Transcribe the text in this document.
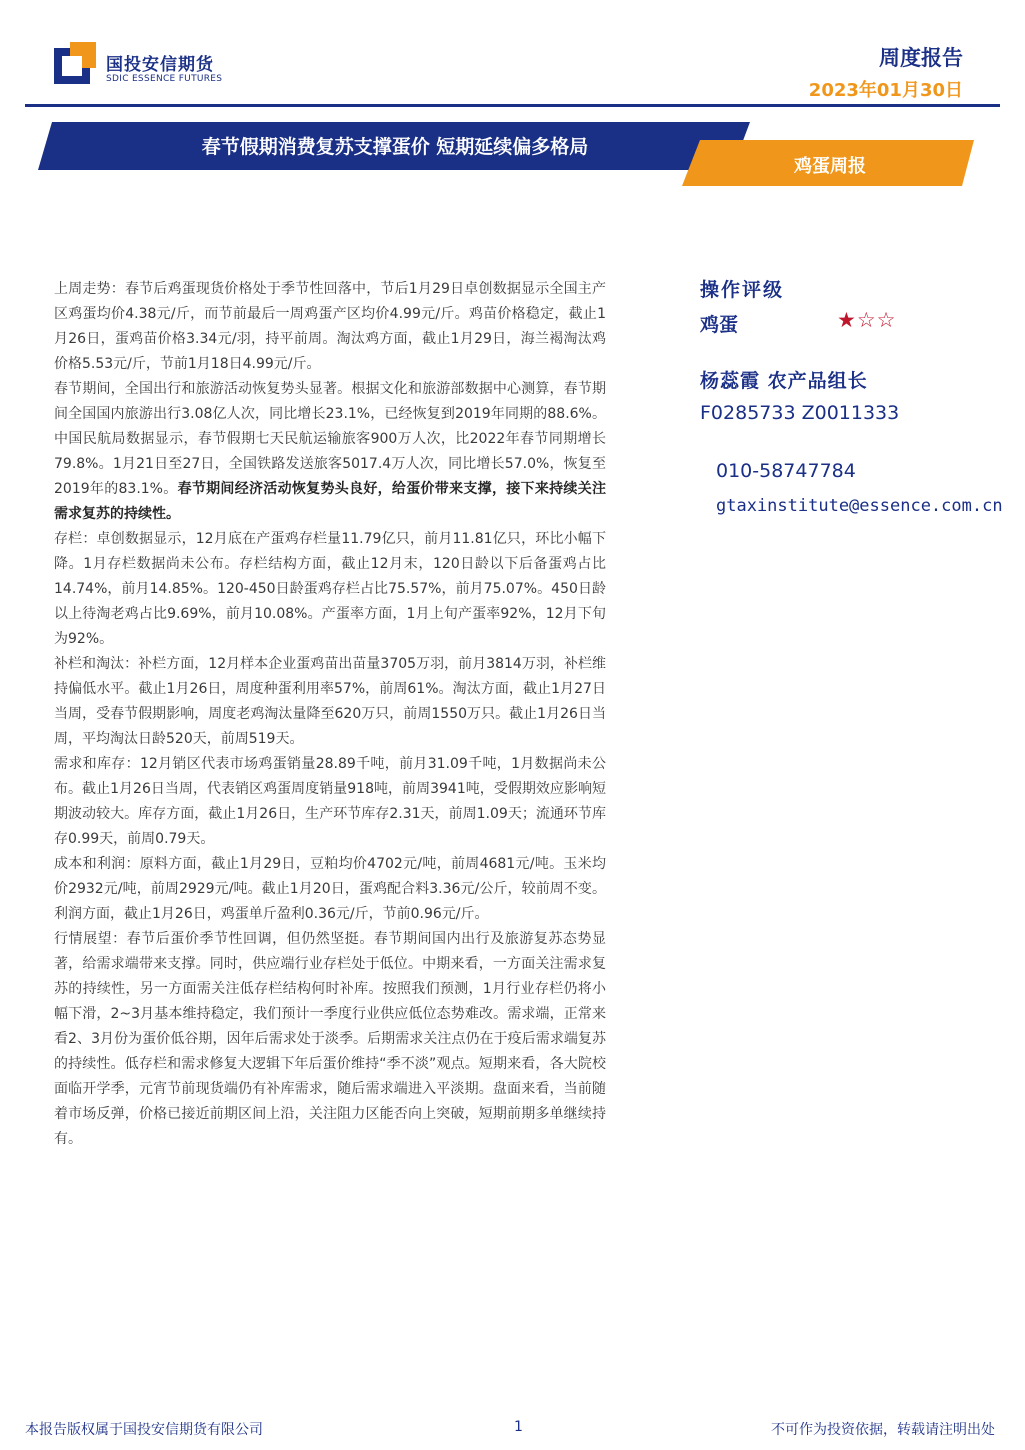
国投安信期货
SDIC ESSENCE FUTURES
周度报告
2023年01月30日
春节假期消费复苏支撑蛋价 短期延续偏多格局
鸡蛋周报

上周走势：春节后鸡蛋现货价格处于季节性回落中，节后1月29日卓创数据显示全国主产区鸡蛋均价4.38元/斤，而节前最后一周鸡蛋产区均价4.99元/斤。鸡苗价格稳定，截止1月26日，蛋鸡苗价格3.34元/羽，持平前周。淘汰鸡方面，截止1月29日，海兰褐淘汰鸡价格5.53元/斤，节前1月18日4.99元/斤。

春节期间，全国出行和旅游活动恢复势头显著。根据文化和旅游部数据中心测算，春节期间全国国内旅游出行3.08亿人次，同比增长23.1%，已经恢复到2019年同期的88.6%。中国民航局数据显示，春节假期七天民航运输旅客900万人次，比2022年春节同期增长79.8%。1月21日至27日，全国铁路发送旅客5017.4万人次，同比增长57.0%，恢复至2019年的83.1%。春节期间经济活动恢复势头良好，给蛋价带来支撑，接下来持续关注需求复苏的持续性。

存栏：卓创数据显示，12月底在产蛋鸡存栏量11.79亿只，前月11.81亿只，环比小幅下降。1月存栏数据尚未公布。存栏结构方面，截止12月末，120日龄以下后备蛋鸡占比14.74%，前月14.85%。120-450日龄蛋鸡存栏占比75.57%，前月75.07%。450日龄以上待淘老鸡占比9.69%，前月10.08%。产蛋率方面，1月上旬产蛋率92%，12月下旬为92%。

补栏和淘汰：补栏方面，12月样本企业蛋鸡苗出苗量3705万羽，前月3814万羽，补栏维持偏低水平。截止1月26日，周度种蛋利用率57%，前周61%。淘汰方面，截止1月27日当周，受春节假期影响，周度老鸡淘汰量降至620万只，前周1550万只。截止1月26日当周，平均淘汰日龄520天，前周519天。

需求和库存：12月销区代表市场鸡蛋销量28.89千吨，前月31.09千吨，1月数据尚未公布。截止1月26日当周，代表销区鸡蛋周度销量918吨，前周3941吨，受假期效应影响短期波动较大。库存方面，截止1月26日，生产环节库存2.31天，前周1.09天；流通环节库存0.99天，前周0.79天。

成本和利润：原料方面，截止1月29日，豆粕均价4702元/吨，前周4681元/吨。玉米均价2932元/吨，前周2929元/吨。截止1月20日，蛋鸡配合料3.36元/公斤，较前周不变。利润方面，截止1月26日，鸡蛋单斤盈利0.36元/斤，节前0.96元/斤。

行情展望：春节后蛋价季节性回调，但仍然坚挺。春节期间国内出行及旅游复苏态势显著，给需求端带来支撑。同时，供应端行业存栏处于低位。中期来看，一方面关注需求复苏的持续性，另一方面需关注低存栏结构何时补库。按照我们预测，1月行业存栏仍将小幅下滑，2~3月基本维持稳定，我们预计一季度行业供应低位态势难改。需求端，正常来看2、3月份为蛋价低谷期，因年后需求处于淡季。后期需求关注点仍在于疫后需求端复苏的持续性。低存栏和需求修复大逻辑下年后蛋价维持“季不淡”观点。短期来看，各大院校面临开学季，元宵节前现货端仍有补库需求，随后需求端进入平淡期。盘面来看，当前随着市场反弹，价格已接近前期区间上沿，关注阻力区能否向上突破，短期前期多单继续持有。

操作评级
鸡蛋	★☆☆
杨蕊霞 农产品组长
F0285733 Z0011333
010-58747784
gtaxinstitute@essence.com.cn
本报告版权属于国投安信期货有限公司	1	不可作为投资依据，转载请注明出处
